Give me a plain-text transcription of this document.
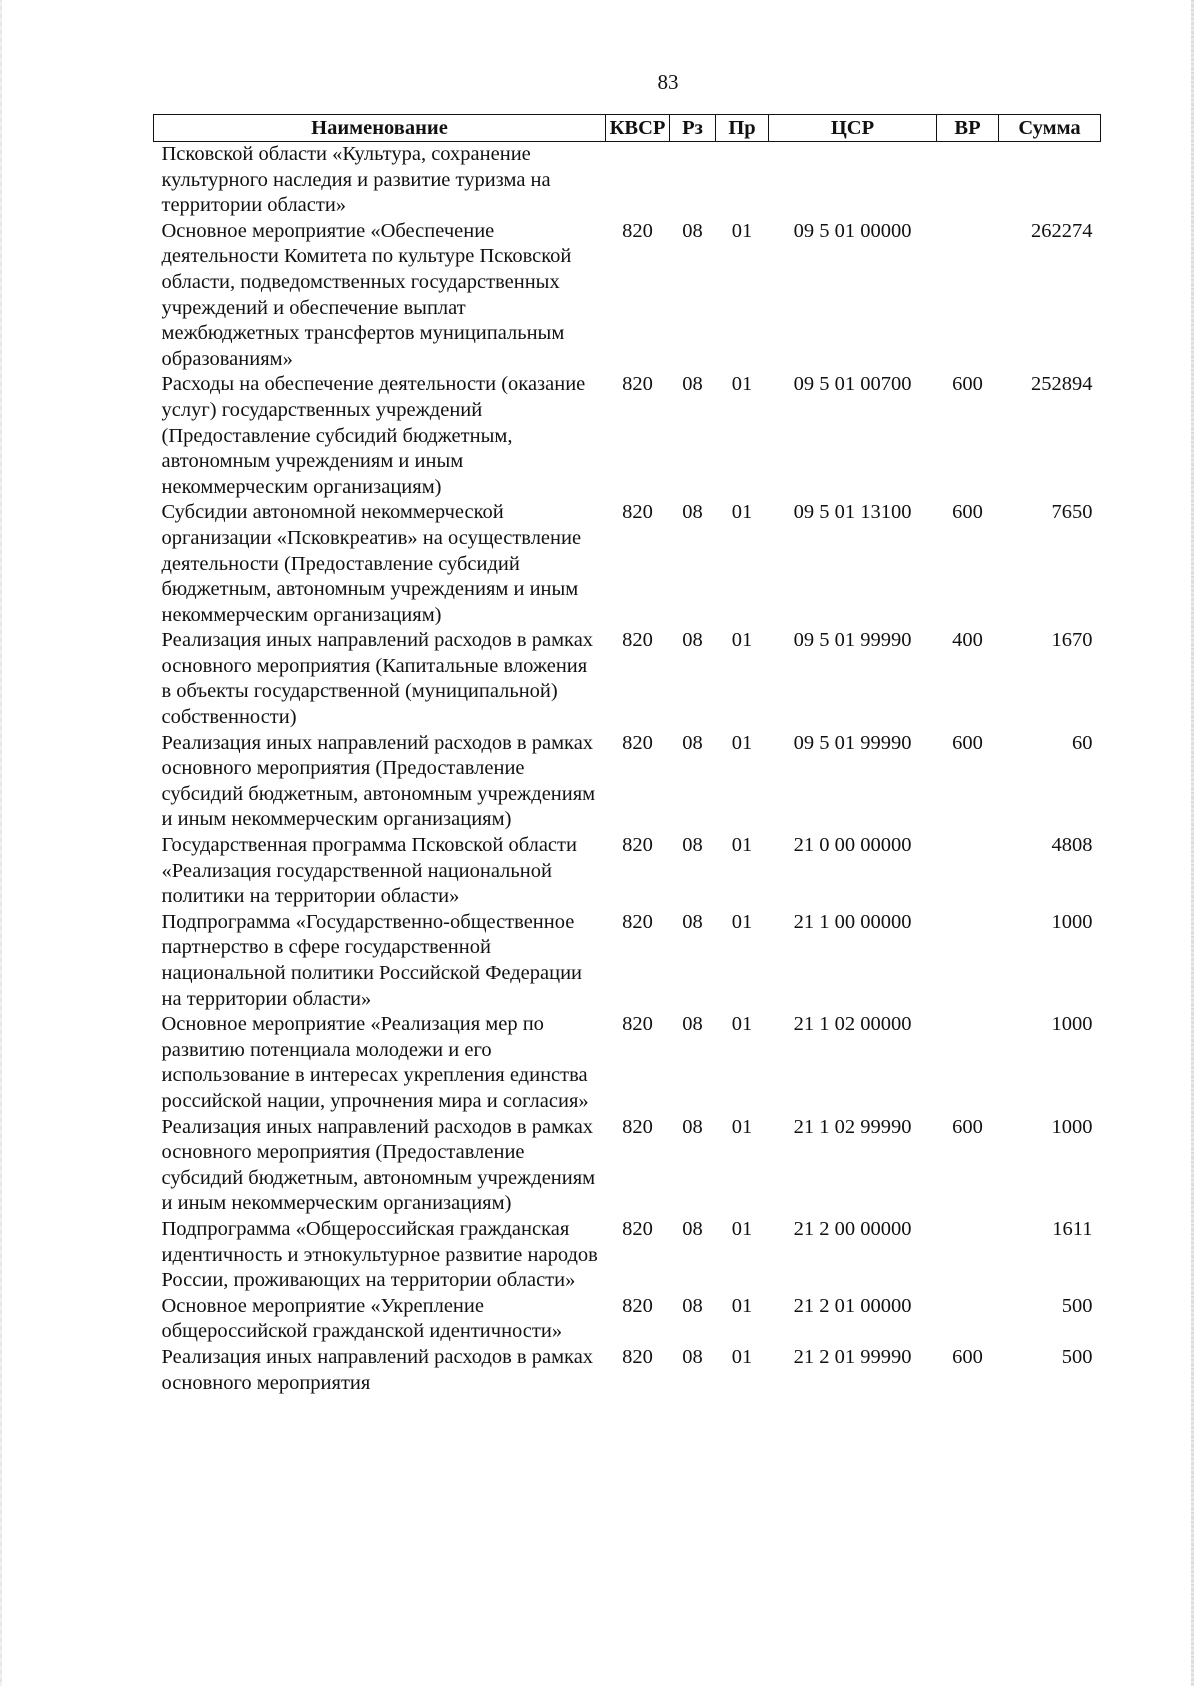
83
Наименование	КВСР	Рз	Пр	ЦСР	ВР	Сумма
Псковской области «Культура, сохранение культурного наследия и развитие туризма на территории области»						
Основное мероприятие «Обеспечение деятельности Комитета по культуре Псковской области, подведомственных государственных учреждений и обеспечение выплат межбюджетных трансфертов муниципальным образованиям»	820	08	01	09 5 01 00000		262274
Расходы на обеспечение деятельности (оказание услуг) государственных учреждений (Предоставление субсидий бюджетным, автономным учреждениям и иным некоммерческим организациям)	820	08	01	09 5 01 00700	600	252894
Субсидии автономной некоммерческой организации «Псковкреатив» на осуществление деятельности (Предоставление субсидий бюджетным, автономным учреждениям и иным некоммерческим организациям)	820	08	01	09 5 01 13100	600	7650
Реализация иных направлений расходов в рамках основного мероприятия (Капитальные вложения в объекты государственной (муниципальной) собственности)	820	08	01	09 5 01 99990	400	1670
Реализация иных направлений расходов в рамках основного мероприятия (Предоставление субсидий бюджетным, автономным учреждениям и иным некоммерческим организациям)	820	08	01	09 5 01 99990	600	60
Государственная программа Псковской области «Реализация государственной национальной политики на территории области»	820	08	01	21 0 00 00000		4808
Подпрограмма «Государственно-общественное партнерство в сфере государственной национальной политики Российской Федерации на территории области»	820	08	01	21 1 00 00000		1000
Основное мероприятие «Реализация мер по развитию потенциала молодежи и его использование в интересах укрепления единства российской нации, упрочнения мира и согласия»	820	08	01	21 1 02 00000		1000
Реализация иных направлений расходов в рамках основного мероприятия (Предоставление субсидий бюджетным, автономным учреждениям и иным некоммерческим организациям)	820	08	01	21 1 02 99990	600	1000
Подпрограмма «Общероссийская гражданская идентичность и этнокультурное развитие народов России, проживающих на территории области»	820	08	01	21 2 00 00000		1611
Основное мероприятие «Укрепление общероссийской гражданской идентичности»	820	08	01	21 2 01 00000		500
Реализация иных направлений расходов в рамках основного мероприятия	820	08	01	21 2 01 99990	600	500
